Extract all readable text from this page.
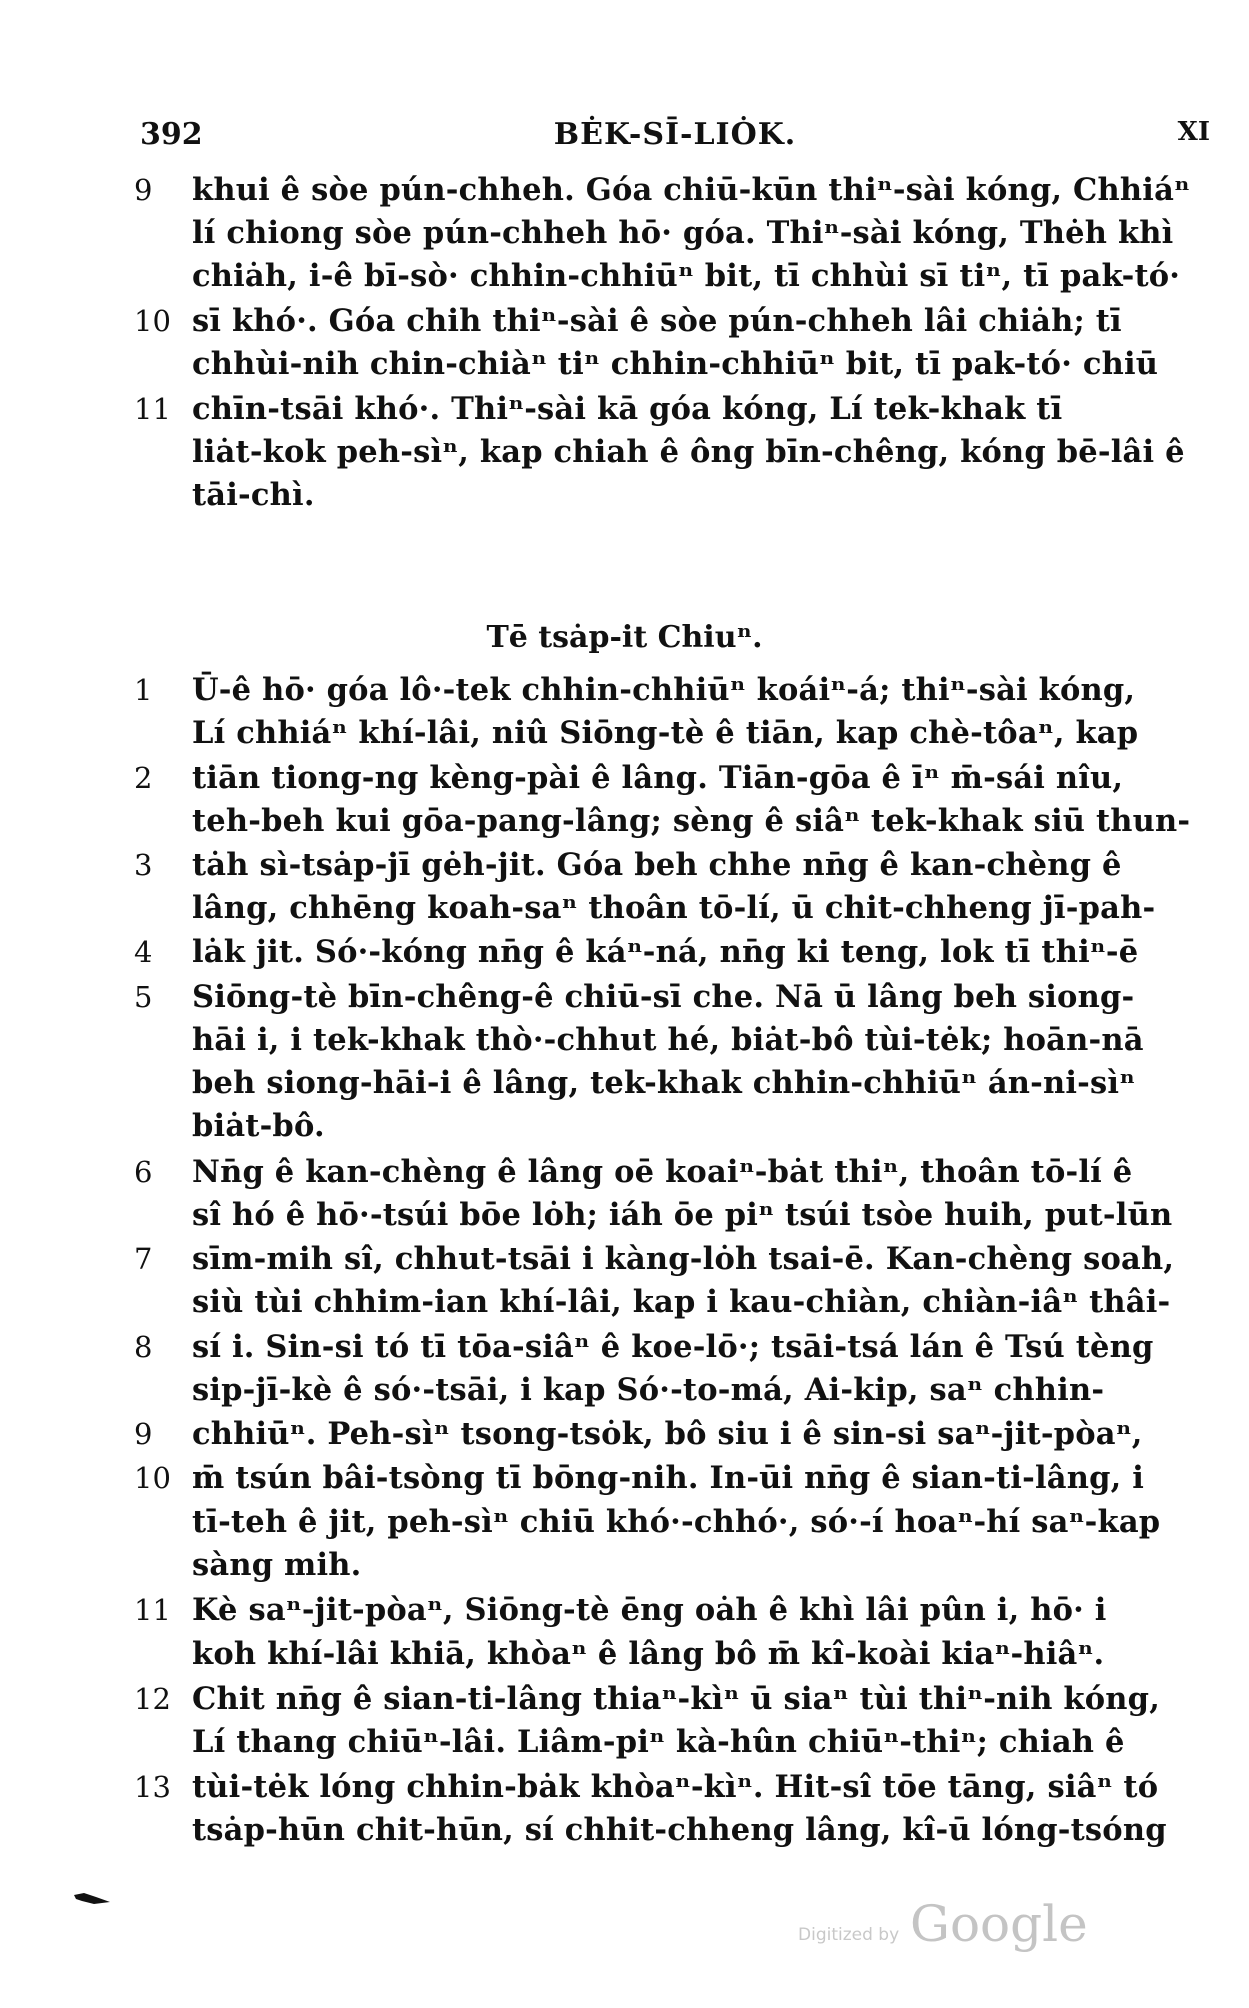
392	BĖK-SĪ-LIȮK.	XI
9	khui ê sòe pún-chheh. Góa chiū-kūn thiⁿ-sài kóng, Chhiáⁿ
lí chiong sòe pún-chheh hō· góa. Thiⁿ-sài kóng, Thėh khì
chiȧh, i-ê bī-sò· chhin-chhiūⁿ bit, tī chhùi sī tiⁿ, tī pak-tó·
10 sī khó·. Góa chih thiⁿ-sài ê sòe pún-chheh lâi chiȧh; tī
chhùi-nih chin-chiàⁿ tiⁿ chhin-chhiūⁿ bit, tī pak-tó· chiū
11 chīn-tsāi khó·. Thiⁿ-sài kā góa kóng, Lí tek-khak tī
liȧt-kok peh-sìⁿ, kap chiah ê ông bīn-chêng, kóng bē-lâi ê
tāi-chì.
1	Ū-ê hō· góa lô·-tek chhin-chhiūⁿ koáiⁿ-á; thiⁿ-sài kóng,
Lí chhiáⁿ khí-lâi, niû Siōng-tè ê tiān, kap chè-tôaⁿ, kap
2	tiān tiong-ng kèng-pài ê lâng. Tiān-gōa ê īⁿ m̄-sái nîu,
teh-beh kui gōa-pang-lâng; sèng ê siâⁿ tek-khak siū thun-
3	tȧh sì-tsȧp-jī gėh-jit. Góa beh chhe nn̄g ê kan-chèng ê
lâng, chhēng koah-saⁿ thoân tō-lí, ū chit-chheng jī-pah-
4	lȧk jit. Só·-kóng nn̄g ê káⁿ-ná, nn̄g ki teng, lok tī thiⁿ-ē
5	Siōng-tè bīn-chêng-ê chiū-sī che. Nā ū lâng beh siong-
hāi i, i tek-khak thò·-chhut hé, biȧt-bô tùi-tėk; hoān-nā
beh siong-hāi-i ê lâng, tek-khak chhin-chhiūⁿ án-ni-sìⁿ
biȧt-bô.
6	Nn̄g ê kan-chèng ê lâng oē koaiⁿ-bȧt thiⁿ, thoân tō-lí ê
sî hó ê hō·-tsúi bōe lȯh; iáh ōe piⁿ tsúi tsòe huih, put-lūn
7	sīm-mih sî, chhut-tsāi i kàng-lȯh tsai-ē. Kan-chèng soah,
siù tùi chhim-ian khí-lâi, kap i kau-chiàn, chiàn-iâⁿ thâi-
8	sí i. Sin-si tó tī tōa-siâⁿ ê koe-lō·; tsāi-tsá lán ê Tsú tèng
sip-jī-kè ê só·-tsāi, i kap Só·-to-má, Ai-kip, saⁿ chhin-
9	chhiūⁿ. Peh-sìⁿ tsong-tsȯk, bô siu i ê sin-si saⁿ-jit-pòaⁿ,
10 m̄ tsún bâi-tsòng tī bōng-nih. In-ūi nn̄g ê sian-ti-lâng, i
tī-teh ê jit, peh-sìⁿ chiū khó·-chhó·, só·-í hoaⁿ-hí saⁿ-kap
sàng mih.
11 Kè saⁿ-jit-pòaⁿ, Siōng-tè ēng oȧh ê khì lâi pûn i, hō· i
koh khí-lâi khiā, khòaⁿ ê lâng bô m̄ kî-koài kiaⁿ-hiâⁿ.
12 Chit nn̄g ê sian-ti-lâng thiaⁿ-kìⁿ ū siaⁿ tùi thiⁿ-nih kóng,
Lí thang chiūⁿ-lâi. Liâm-piⁿ kà-hûn chiūⁿ-thiⁿ; chiah ê
13 tùi-tėk lóng chhin-bȧk khòaⁿ-kìⁿ. Hit-sî tōe tāng, siâⁿ tó
tsȧp-hūn chit-hūn, sí chhit-chheng lâng, kî-ū lóng-tsóng
Tē tsȧp-it Chiuⁿ.
Digitized by Google
